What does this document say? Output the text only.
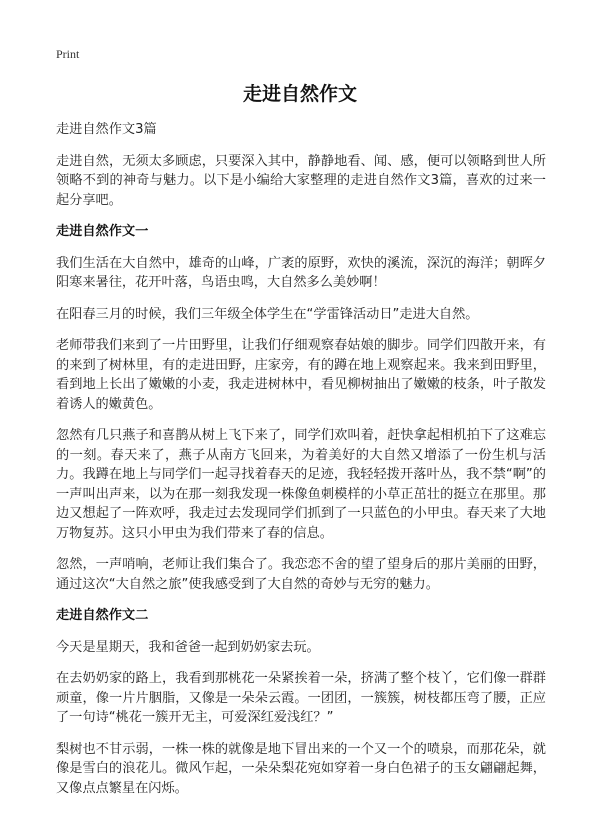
Print
走进自然作文

走进自然作文3篇

走进自然，无须太多顾虑，只要深入其中，静静地看、闻、感，便可以领略到世人所领略不到的神奇与魅力。以下是小编给大家整理的走进自然作文3篇，喜欢的过来一起分享吧。

走进自然作文一

我们生活在大自然中，雄奇的山峰，广袤的原野，欢快的溪流，深沉的海洋；朝晖夕阳寒来暑往，花开叶落，鸟语虫鸣，大自然多么美妙啊！

在阳春三月的时候，我们三年级全体学生在“学雷锋活动日”走进大自然。

老师带我们来到了一片田野里，让我们仔细观察春姑娘的脚步。同学们四散开来，有的来到了树林里，有的走进田野，庄家旁，有的蹲在地上观察起来。我来到田野里，看到地上长出了嫩嫩的小麦，我走进树林中，看见柳树抽出了嫩嫩的枝条，叶子散发着诱人的嫩黄色。

忽然有几只燕子和喜鹊从树上飞下来了，同学们欢叫着，赶快拿起相机拍下了这难忘的一刻。春天来了，燕子从南方飞回来，为着美好的大自然又增添了一份生机与活力。我蹲在地上与同学们一起寻找着春天的足迹，我轻轻拨开落叶丛，我不禁“啊”的一声叫出声来，以为在那一刻我发现一株像鱼刺模样的小草正茁壮的挺立在那里。那边又想起了一阵欢呼，我走过去发现同学们抓到了一只蓝色的小甲虫。春天来了大地万物复苏。这只小甲虫为我们带来了春的信息。

忽然，一声哨响，老师让我们集合了。我恋恋不舍的望了望身后的那片美丽的田野，通过这次“大自然之旅”使我感受到了大自然的奇妙与无穷的魅力。

走进自然作文二

今天是星期天，我和爸爸一起到奶奶家去玩。

在去奶奶家的路上，我看到那桃花一朵紧挨着一朵，挤满了整个枝丫，它们像一群群顽童，像一片片胭脂，又像是一朵朵云霞。一团团，一簇簇，树枝都压弯了腰，正应了一句诗“桃花一簇开无主，可爱深红爱浅红？”

梨树也不甘示弱，一株一株的就像是地下冒出来的一个又一个的喷泉，而那花朵，就像是雪白的浪花儿。微风乍起，一朵朵梨花宛如穿着一身白色裙子的玉女翩翩起舞，又像点点繁星在闪烁。
